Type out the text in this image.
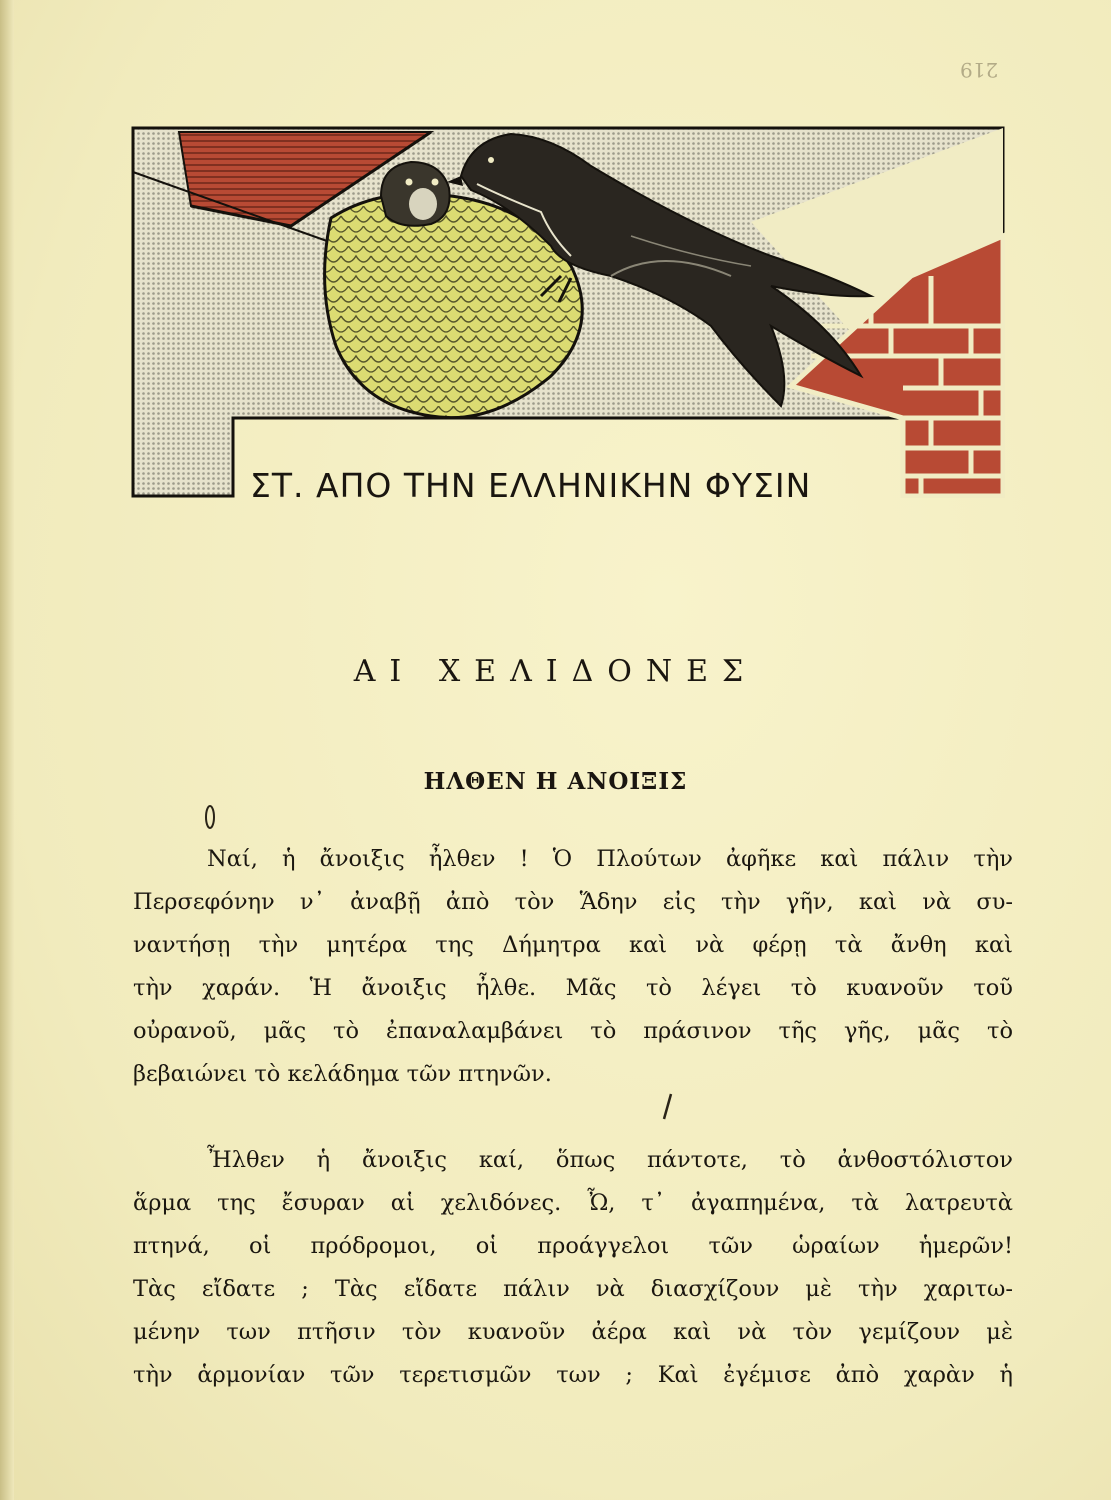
219
ΣΤ. ΑΠΟ ΤΗΝ ΕΛΛΗΝΙΚΗΝ ΦΥΣΙΝ
ΑΙ ΧΕΛΙΔΟΝΕΣ
ΗΛΘΕΝ Η ΑΝΟΙΞΙΣ
Ναί, ἡ ἄνοιξις ἦλθεν ! Ὁ Πλούτων ἀφῆκε καὶ πάλιν τὴν
Περσεφόνην ν᾽ ἀναβῇ ἀπὸ τὸν Ἅδην εἰς τὴν γῆν, καὶ νὰ συ-
ναντήσῃ τὴν μητέρα της Δήμητρα καὶ νὰ φέρῃ τὰ ἄνθη καὶ
τὴν χαράν. Ἡ ἄνοιξις ἦλθε. Μᾶς τὸ λέγει τὸ κυανοῦν τοῦ
οὐρανοῦ, μᾶς τὸ ἐπαναλαμβάνει τὸ πράσινον τῆς γῆς, μᾶς τὸ
βεβαιώνει τὸ κελάδημα τῶν πτηνῶν.
Ἦλθεν ἡ ἄνοιξις καί, ὅπως πάντοτε, τὸ ἀνθοστόλιστον
ἅρμα της ἔσυραν αἱ χελιδόνες. Ὦ, τ᾽ ἀγαπημένα, τὰ λατρευτὰ
πτηνά, οἱ πρόδρομοι, οἱ προάγγελοι τῶν ὡραίων ἡμερῶν!
Τὰς εἴδατε ; Τὰς εἴδατε πάλιν νὰ διασχίζουν μὲ τὴν χαριτω-
μένην των πτῆσιν τὸν κυανοῦν ἀέρα καὶ νὰ τὸν γεμίζουν μὲ
τὴν ἁρμονίαν τῶν τερετισμῶν των ; Καὶ ἐγέμισε ἀπὸ χαρὰν ἡ
